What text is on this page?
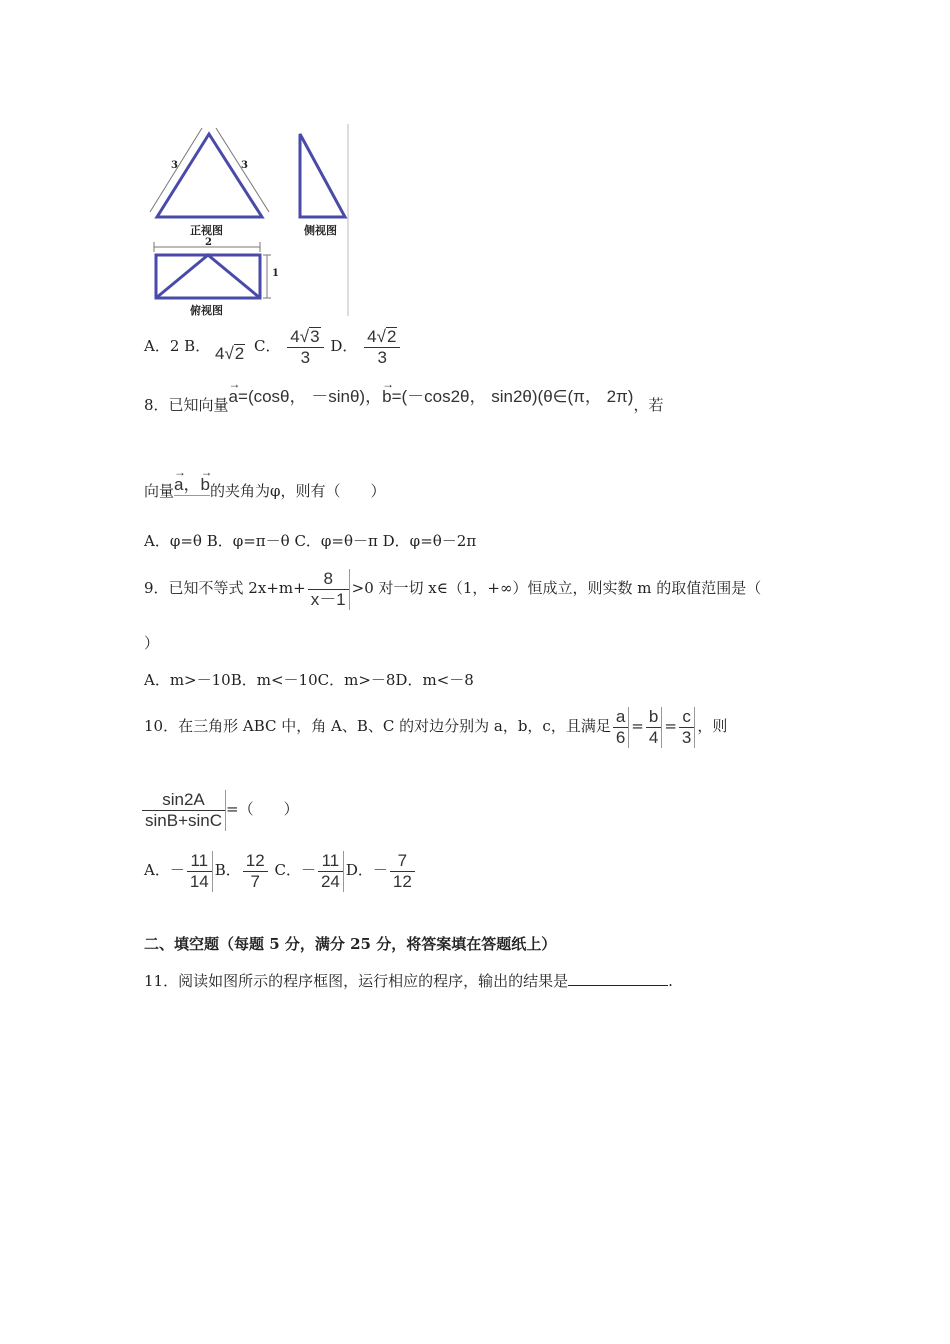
3	3
正视图	侧视图
2
1
俯视图
A．2 B． 4√2 C． $\frac{4√3}{3}$ D． $\frac{4√2}{3}$
8．已知向量→ a=(cosθ， －sinθ)，→ b=(－cos2θ， sin2θ)(θ∈(π， 2π)，若
向量→ a，→ b的夹角为φ，则有（　　）
A．φ=θ B．φ=π－θ C．φ=θ－π D．φ=θ－2π
9．已知不等式 $2x+m+ \frac{8}{x-1} >0$ 对一切 x∈（1，+∞）恒成立，则实数 m 的取值范围是（
）
A．m>－10B．m<－10C．m>－8D．m<－8
10．在三角形 ABC 中，角 A、B、C 的对边分别为 a，b，c，且满足 $\frac{a}{6} = \frac{b}{4} = \frac{c}{3}$ ，则
$\frac{\sin 2A}{\sin B+\sin C}$ =（　　）
A．－ $\frac{11}{14}$ B． $\frac{12}{7}$ C．－ $\frac{11}{24}$ D．－ $\frac{7}{12}$
二、填空题（每题 5 分，满分 25 分，将答案填在答题纸上）
11．阅读如图所示的程序框图，运行相应的程序，输出的结果是	.
